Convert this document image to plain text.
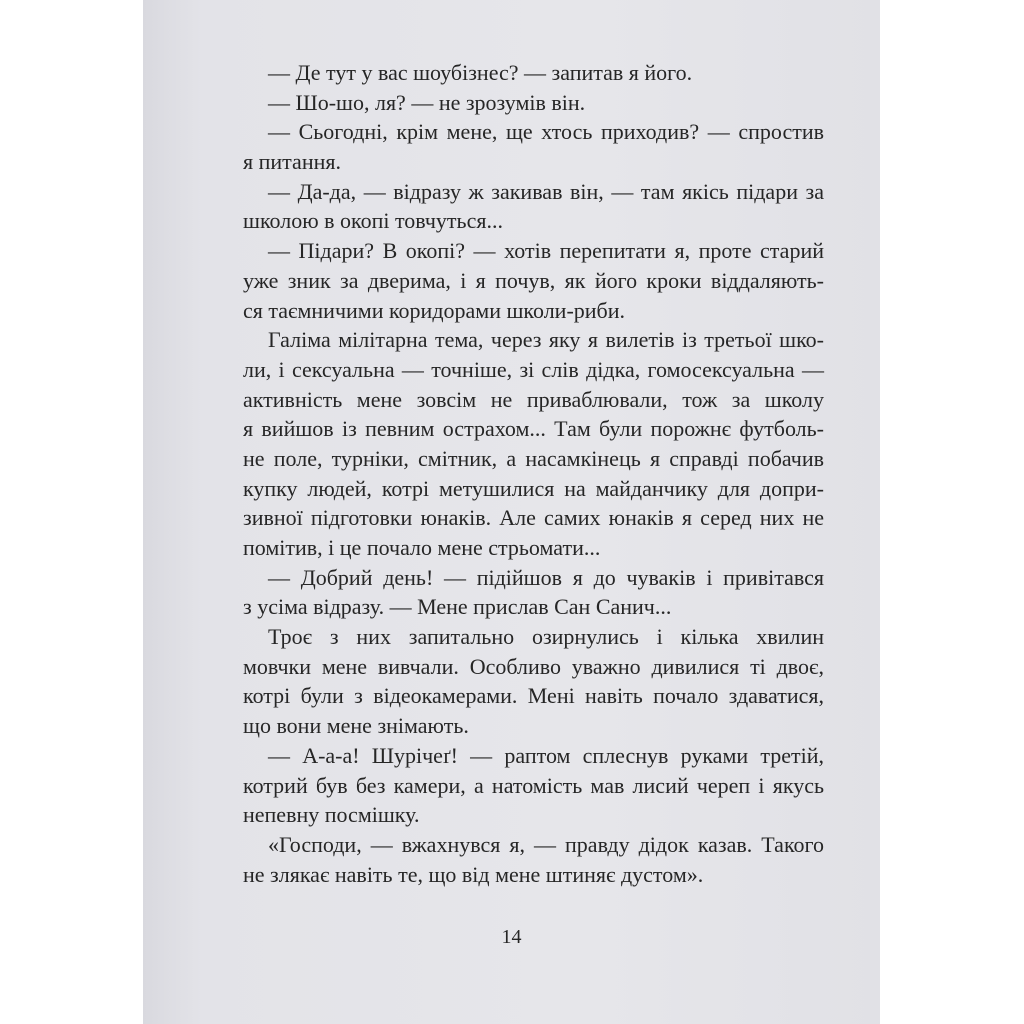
— Де тут у вас шоубізнес? — запитав я його.
— Шо-шо, ля? — не зрозумів він.
— Сьогодні, крім мене, ще хтось приходив? — спростив
я питання.
— Да-да, — відразу ж закивав він, — там якісь підари за
школою в окопі товчуться...
— Підари? В окопі? — хотів перепитати я, проте старий
уже зник за дверима, і я почув, як його кроки віддаляють-
ся таємничими коридорами школи-риби.
Галіма мілітарна тема, через яку я вилетів із третьої шко-
ли, і сексуальна — точніше, зі слів дідка, гомосексуальна —
активність мене зовсім не приваблювали, тож за школу
я вийшов із певним острахом... Там були порожнє футболь-
не поле, турніки, смітник, а насамкінець я справді побачив
купку людей, котрі метушилися на майданчику для допри-
зивної підготовки юнаків. Але самих юнаків я серед них не
помітив, і це почало мене стрьомати...
— Добрий день! — підійшов я до чуваків і привітався
з усіма відразу. — Мене прислав Сан Санич...
Троє з них запитально озирнулись і кілька хвилин
мовчки мене вивчали. Особливо уважно дивилися ті двоє,
котрі були з відеокамерами. Мені навіть почало здаватися,
що вони мене знімають.
— А-а-а! Шурічеґ! — раптом сплеснув руками третій,
котрий був без камери, а натомість мав лисий череп і якусь
непевну посмішку.
«Господи, — вжахнувся я, — правду дідок казав. Такого
не злякає навіть те, що від мене штиняє дустом».
14
